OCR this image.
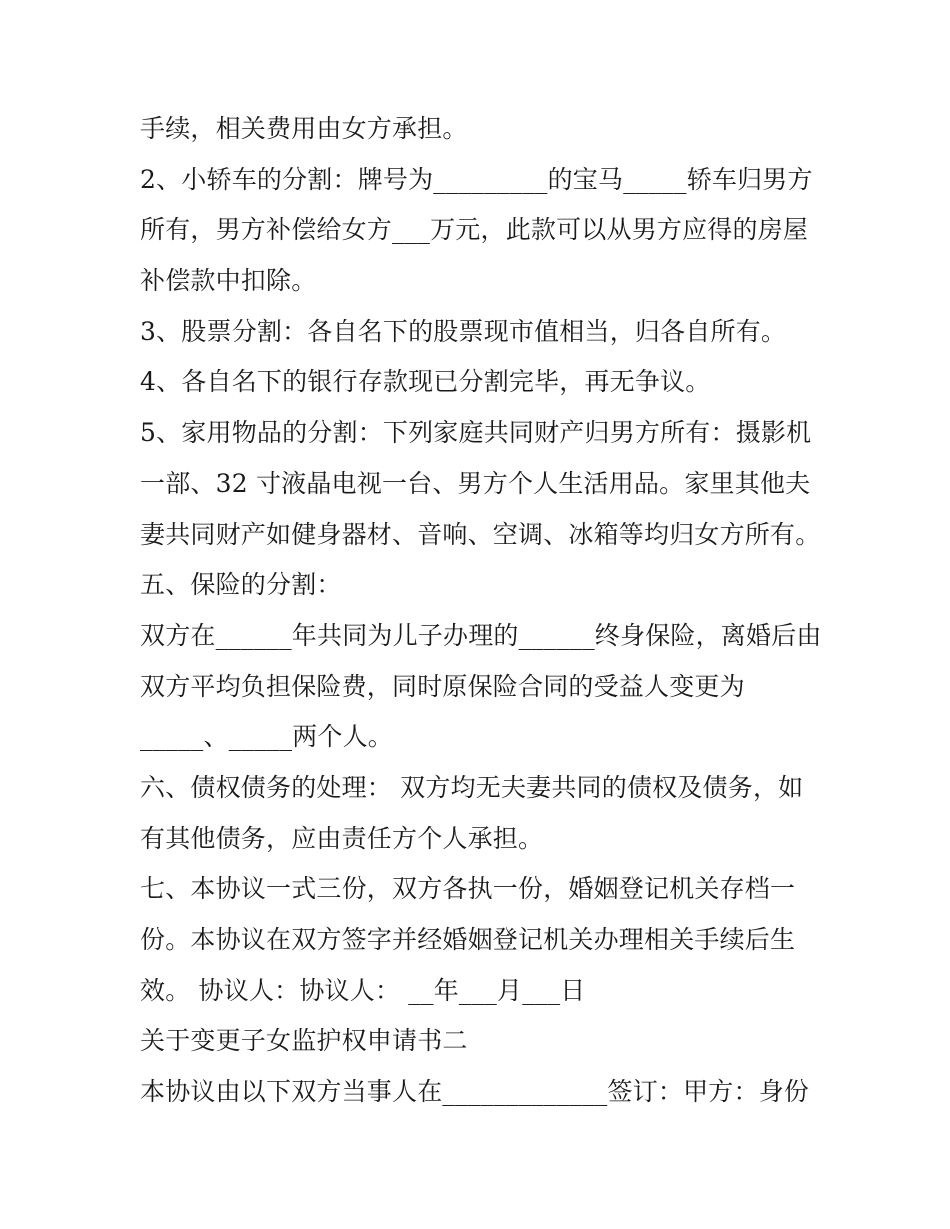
手续，相关费用由女方承担。
2、小轿车的分割：牌号为_________的宝马_____轿车归男方
所有，男方补偿给女方___万元，此款可以从男方应得的房屋
补偿款中扣除。
3、股票分割：各自名下的股票现市值相当，归各自所有。
4、各自名下的银行存款现已分割完毕，再无争议。
5、家用物品的分割：下列家庭共同财产归男方所有：摄影机
一部、32 寸液晶电视一台、男方个人生活用品。家里其他夫
妻共同财产如健身器材、音响、空调、冰箱等均归女方所有。
五、保险的分割：
双方在______年共同为儿子办理的______终身保险，离婚后由
双方平均负担保险费，同时原保险合同的受益人变更为
_____、_____两个人。
六、债权债务的处理： 双方均无夫妻共同的债权及债务，如
有其他债务，应由责任方个人承担。
七、本协议一式三份，双方各执一份，婚姻登记机关存档一
份。本协议在双方签字并经婚姻登记机关办理相关手续后生
效。 协议人：协议人： __年___月___日
关于变更子女监护权申请书二
本协议由以下双方当事人在_____________签订：甲方：身份
